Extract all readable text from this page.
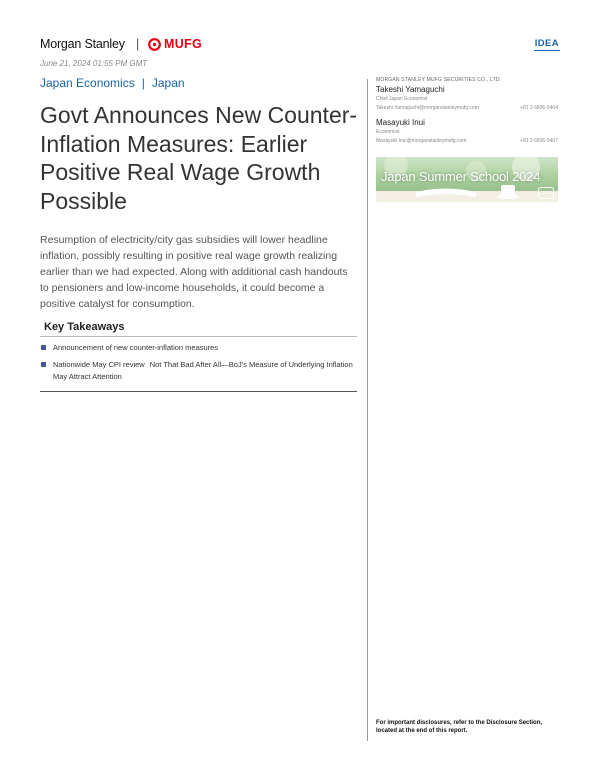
Morgan Stanley | MUFG	IDEA
June 21, 2024 01:55 PM GMT
Japan Economics | Japan
Govt Announces New Counter-Inflation Measures: Earlier Positive Real Wage Growth Possible

Resumption of electricity/city gas subsidies will lower headline inflation, possibly resulting in positive real wage growth realizing earlier than we had expected. Along with additional cash handouts to pensioners and low-income households, it could become a positive catalyst for consumption.

Key Takeaways
Announcement of new counter-inflation measures
Nationwide May CPI review Not That Bad After All—BoJ's Measure of Underlying Inflation May Attract Attention
MORGAN STANLEY MUFG SECURITIES CO., LTD.
Takeshi Yamaguchi
Chief Japan Economist
Takeshi.Yamaguchi@morganstanleymufg.com	+81 3 6836-5404
Masayuki Inui
Economist
Masayuki.Inui@morganstanleymufg.com	+81 3 6836-5407
Japan Summer School 2024
>>
For important disclosures, refer to the Disclosure Section, located at the end of this report.
